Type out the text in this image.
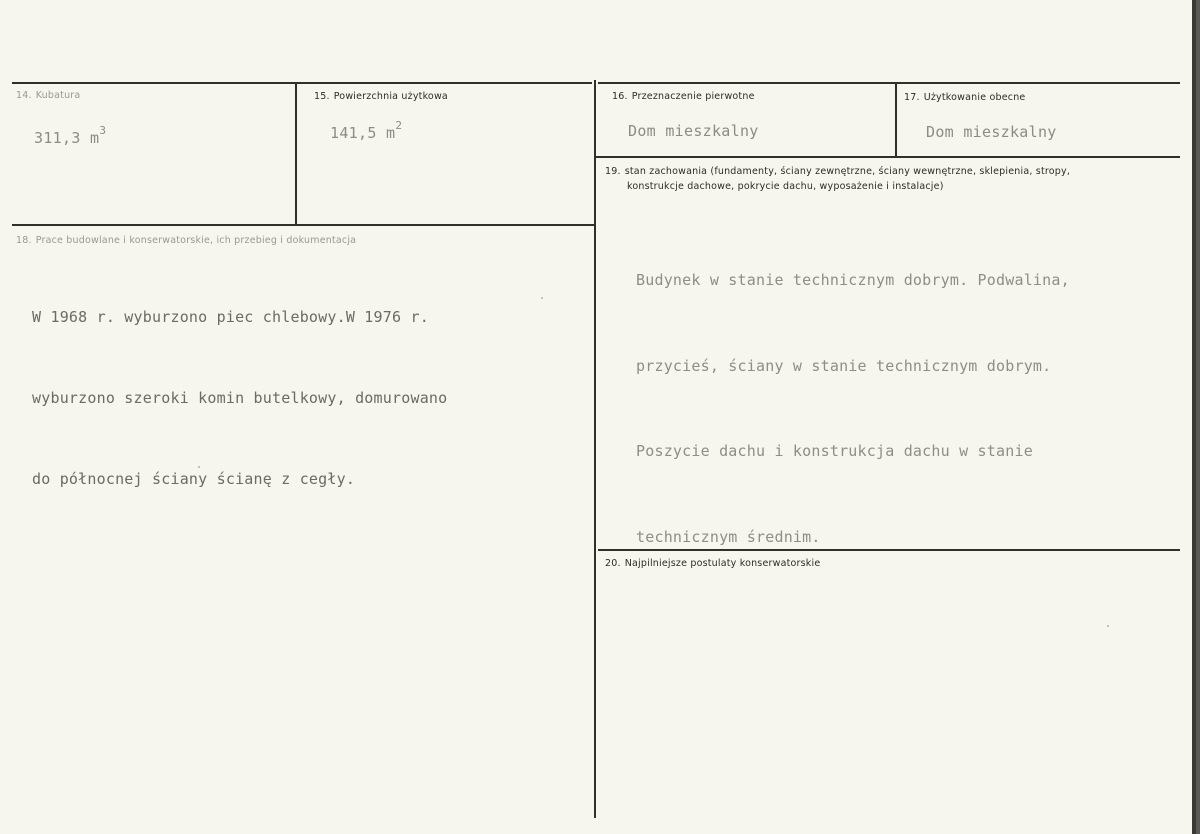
14. Kubatura
311,3 $m^3$
15. Powierzchnia użytkowa
141,5 $m^2$
16. Przeznaczenie pierwotne
Dom mieszkalny
17. Użytkowanie obecne
Dom mieszkalny
18. Prace budowlane i konserwatorskie, ich przebieg i dokumentacja

W 1968 r. wyburzono piec chlebowy.W 1976 r.

wyburzono szeroki komin butelkowy, domurowano

do północnej ściany ścianę z cegły.

19. stan zachowania (fundamenty, ściany zewnętrzne, ściany wewnętrzne, sklepienia, stropy,
konstrukcje dachowe, pokrycie dachu, wyposażenie i instalacje)

Budynek w stanie technicznym dobrym. Podwalina,

przycieś, ściany w stanie technicznym dobrym.

Poszycie dachu i konstrukcja dachu w stanie

technicznym średnim.

20. Najpilniejsze postulaty konserwatorskie
